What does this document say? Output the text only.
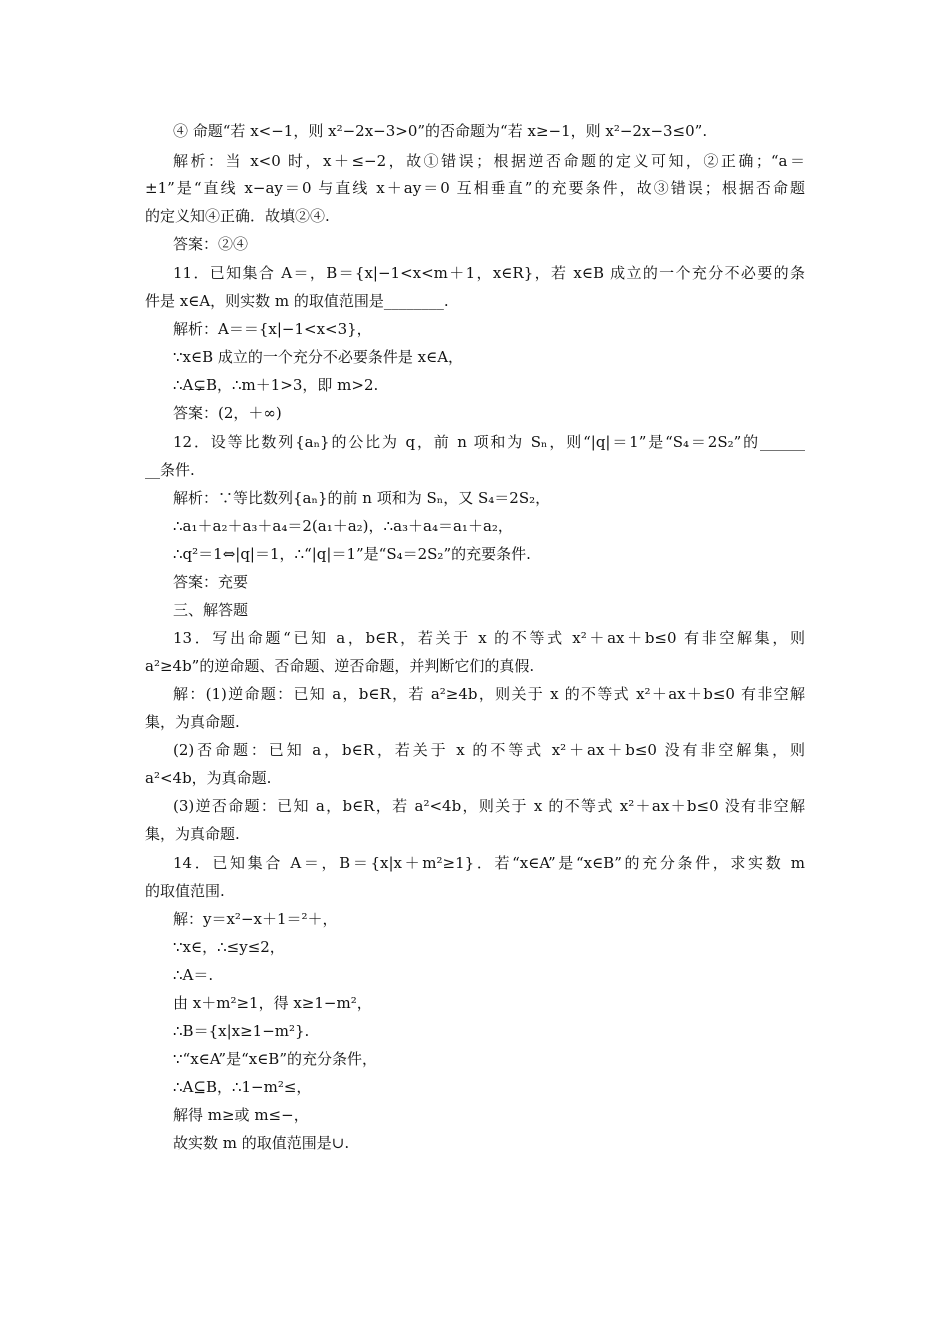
④ 命题“若 x<−1，则 x²−2x−3>0”的否命题为“若 x≥−1，则 x²−2x−3≤0”.
解析：当 x<0 时，x＋≤−2，故①错误；根据逆否命题的定义可知，②正确；“a＝
±1”是“直线 x−ay＝0 与直线 x＋ay＝0 互相垂直”的充要条件，故③错误；根据否命题
的定义知④正确．故填②④.
答案：②④
11．已知集合 A＝，B＝{x|−1<x<m＋1，x∈R}，若 x∈B 成立的一个充分不必要的条
件是 x∈A，则实数 m 的取值范围是________.
解析：A＝＝{x|−1<x<3}，
∵x∈B 成立的一个充分不必要条件是 x∈A，
∴A⊊B，∴m＋1>3，即 m>2.
答案：(2，＋∞)
12．设等比数列{aₙ}的公比为 q，前 n 项和为 Sₙ，则“|q|＝1”是“S₄＝2S₂”的______
__条件.
解析：∵等比数列{aₙ}的前 n 项和为 Sₙ，又 S₄＝2S₂，
∴a₁＋a₂＋a₃＋a₄＝2(a₁＋a₂)，∴a₃＋a₄＝a₁＋a₂，
∴q²＝1⇔|q|＝1，∴“|q|＝1”是“S₄＝2S₂”的充要条件.
答案：充要
三、解答题
13．写出命题“已知 a，b∈R，若关于 x 的不等式 x²＋ax＋b≤0 有非空解集，则
a²≥4b”的逆命题、否命题、逆否命题，并判断它们的真假.
解：(1)逆命题：已知 a，b∈R，若 a²≥4b，则关于 x 的不等式 x²＋ax＋b≤0 有非空解
集，为真命题.
(2)否命题：已知 a，b∈R，若关于 x 的不等式 x²＋ax＋b≤0 没有非空解集，则
a²<4b，为真命题.
(3)逆否命题：已知 a，b∈R，若 a²<4b，则关于 x 的不等式 x²＋ax＋b≤0 没有非空解
集，为真命题.
14．已知集合 A＝，B＝{x|x＋m²≥1}．若“x∈A”是“x∈B”的充分条件，求实数 m
的取值范围.
解：y＝x²−x＋1＝²＋，
∵x∈，∴≤y≤2，
∴A＝.
由 x＋m²≥1，得 x≥1−m²，
∴B＝{x|x≥1−m²}.
∵“x∈A”是“x∈B”的充分条件，
∴A⊆B，∴1−m²≤，
解得 m≥或 m≤−，
故实数 m 的取值范围是∪.
